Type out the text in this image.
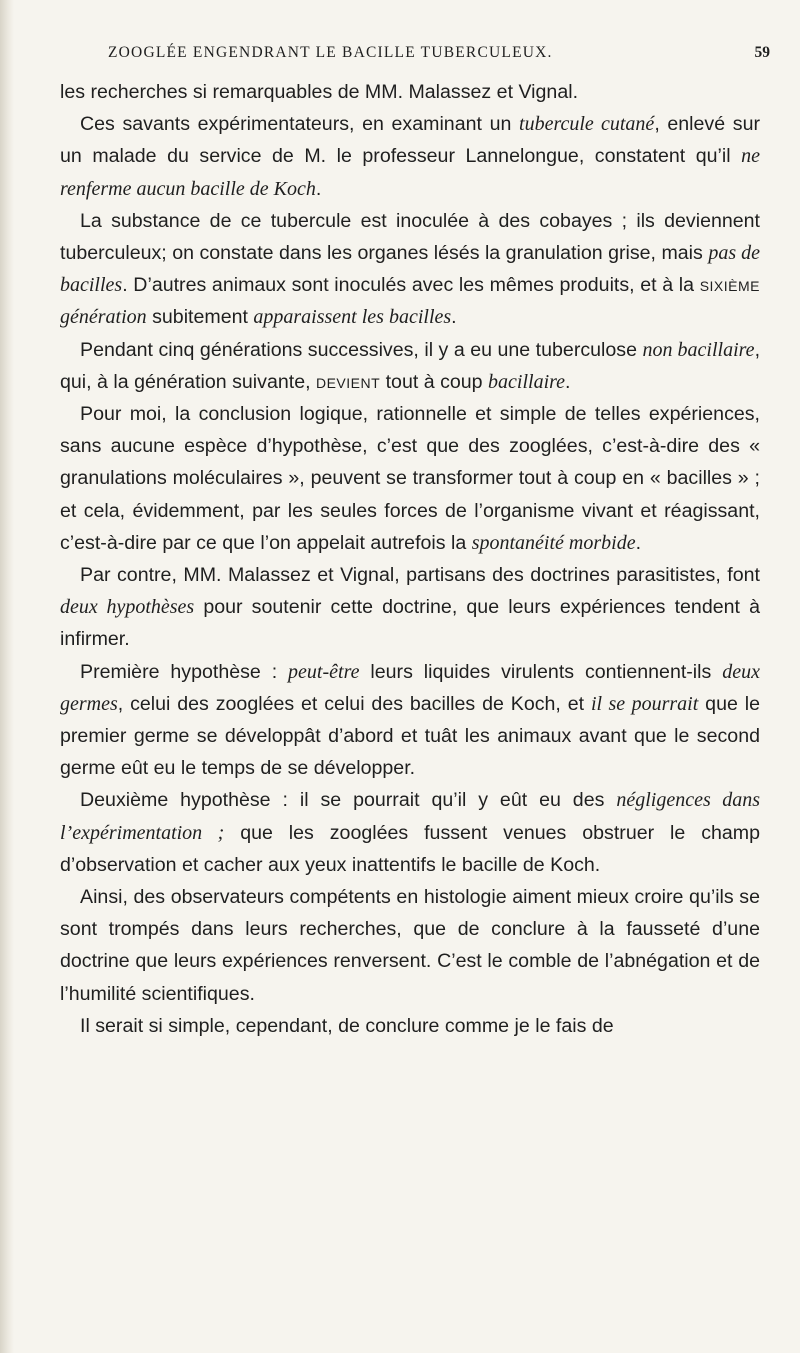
ZOOGLÉE ENGENDRANT LE BACILLE TUBERCULEUX.	59

les recherches si remarquables de MM. Malassez et Vignal.

Ces savants expérimentateurs, en examinant un tubercule cutané, enlevé sur un malade du service de M. le professeur Lannelongue, constatent qu’il ne renferme aucun bacille de Koch.

La substance de ce tubercule est inoculée à des cobayes ; ils deviennent tuberculeux; on constate dans les organes lésés la granulation grise, mais pas de bacilles. D’autres animaux sont inoculés avec les mêmes produits, et à la sixième génération subitement apparaissent les bacilles.

Pendant cinq générations successives, il y a eu une tuberculose non bacillaire, qui, à la génération suivante, devient tout à coup bacillaire.

Pour moi, la conclusion logique, rationnelle et simple de telles expériences, sans aucune espèce d’hypothèse, c’est que des zooglées, c’est-à-dire des « granulations moléculaires », peuvent se transformer tout à coup en « bacilles » ; et cela, évidemment, par les seules forces de l’organisme vivant et réagissant, c’est-à-dire par ce que l’on appelait autrefois la spontanéité morbide.

Par contre, MM. Malassez et Vignal, partisans des doctrines parasitistes, font deux hypothèses pour soutenir cette doctrine, que leurs expériences tendent à infirmer.

Première hypothèse : peut-être leurs liquides virulents contiennent-ils deux germes, celui des zooglées et celui des bacilles de Koch, et il se pourrait que le premier germe se développât d’abord et tuât les animaux avant que le second germe eût eu le temps de se développer.

Deuxième hypothèse : il se pourrait qu’il y eût eu des négligences dans l’expérimentation ; que les zooglées fussent venues obstruer le champ d’observation et cacher aux yeux inattentifs le bacille de Koch.

Ainsi, des observateurs compétents en histologie aiment mieux croire qu’ils se sont trompés dans leurs recherches, que de conclure à la fausseté d’une doctrine que leurs expériences renversent. C’est le comble de l’abnégation et de l’humilité scientifiques.

Il serait si simple, cependant, de conclure comme je le fais de
